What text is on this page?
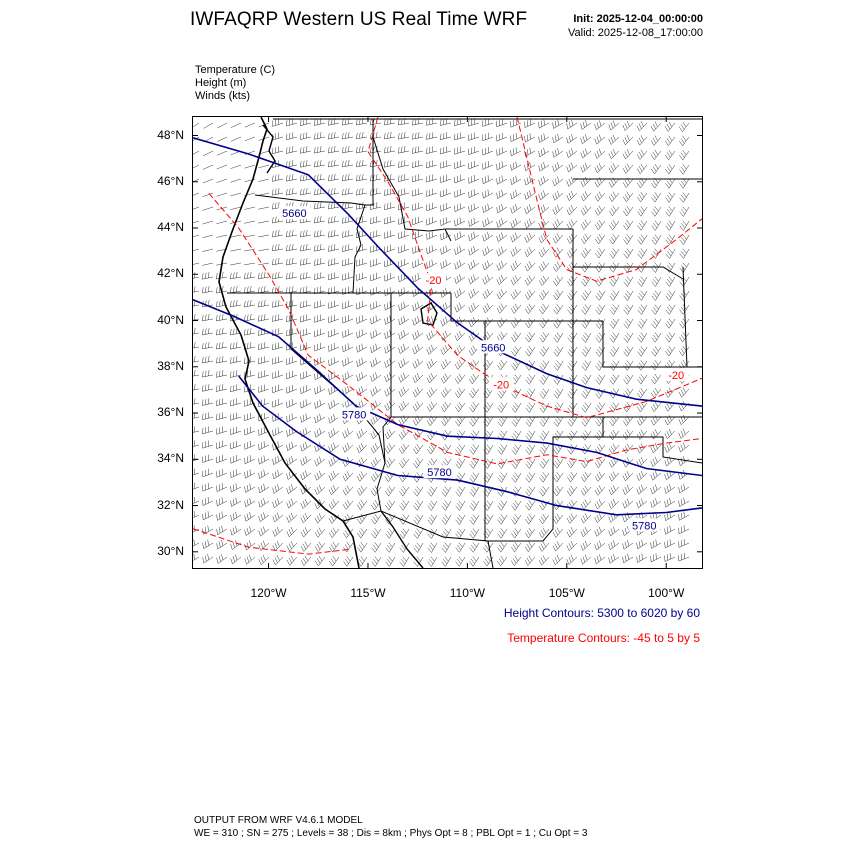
IWFAQRP Western US Real Time WRF	Init: 2025-12-04_00:00:00
Valid: 2025-12-08_17:00:00
Temperature (C)
Height (m)
Winds (kts)
5660
5660
5780
5780
5780
-20
-20
-20
48°N
46°N
44°N
42°N
40°N
38°N
36°N
34°N
32°N
30°N
120°W	115°W	110°W	105°W	100°W
Height Contours: 5300 to 6020 by 60
Temperature Contours: -45 to 5 by 5
OUTPUT FROM WRF V4.6.1 MODEL
WE = 310 ; SN = 275 ; Levels = 38 ; Dis = 8km ; Phys Opt = 8 ; PBL Opt = 1 ; Cu Opt = 3
